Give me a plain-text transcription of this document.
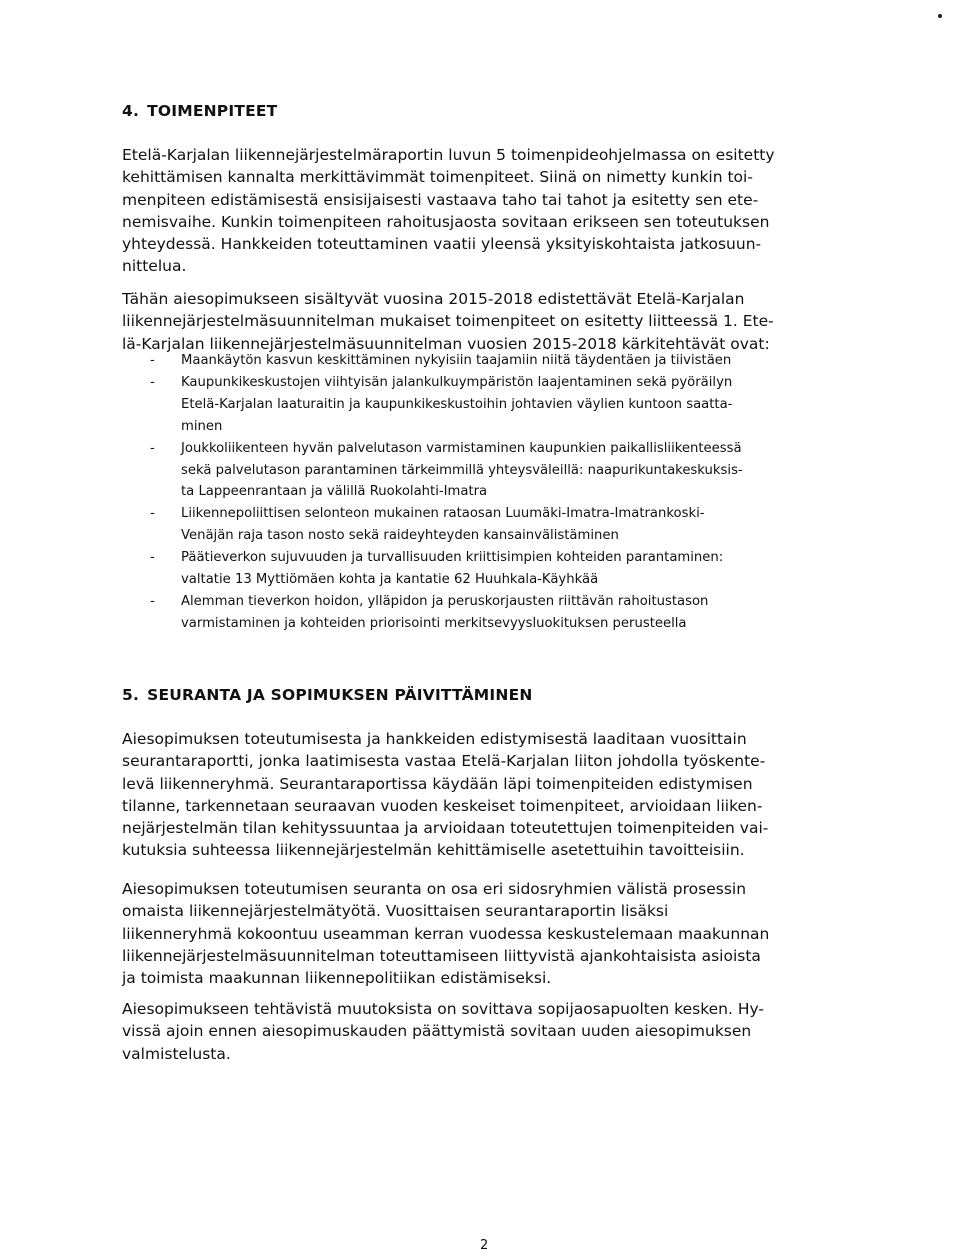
4. TOIMENPITEET
Etelä-Karjalan liikennejärjestelmäraportin luvun 5 toimenpideohjelmassa on esitetty
kehittämisen kannalta merkittävimmät toimenpiteet. Siinä on nimetty kunkin toi-
menpiteen edistämisestä ensisijaisesti vastaava taho tai tahot ja esitetty sen ete-
nemisvaihe. Kunkin toimenpiteen rahoitusjaosta sovitaan erikseen sen toteutuksen
yhteydessä. Hankkeiden toteuttaminen vaatii yleensä yksityiskohtaista jatkosuun-
nittelua.
Tähän aiesopimukseen sisältyvät vuosina 2015-2018 edistettävät Etelä-Karjalan
liikennejärjestelmäsuunnitelman mukaiset toimenpiteet on esitetty liitteessä 1. Ete-
lä-Karjalan liikennejärjestelmäsuunnitelman vuosien 2015-2018 kärkitehtävät ovat:
- Maankäytön kasvun keskittäminen nykyisiin taajamiin niitä täydentäen ja tiivistäen
- Kaupunkikeskustojen viihtyisän jalankulkuympäristön laajentaminen sekä pyöräilyn
Etelä-Karjalan laaturaitin ja kaupunkikeskustoihin johtavien väylien kuntoon saatta-
minen
- Joukkoliikenteen hyvän palvelutason varmistaminen kaupunkien paikallisliikenteessä
sekä palvelutason parantaminen tärkeimmillä yhteysväleillä: naapurikuntakeskuksis-
ta Lappeenrantaan ja välillä Ruokolahti-Imatra
- Liikennepoliittisen selonteon mukainen rataosan Luumäki-Imatra-Imatrankoski-
Venäjän raja tason nosto sekä raideyhteyden kansainvälistäminen
- Päätieverkon sujuvuuden ja turvallisuuden kriittisimpien kohteiden parantaminen:
valtatie 13 Myttiömäen kohta ja kantatie 62 Huuhkala-Käyhkää
- Alemman tieverkon hoidon, ylläpidon ja peruskorjausten riittävän rahoitustason
varmistaminen ja kohteiden priorisointi merkitsevyysluokituksen perusteella
5. SEURANTA JA SOPIMUKSEN PÄIVITTÄMINEN
Aiesopimuksen toteutumisesta ja hankkeiden edistymisestä laaditaan vuosittain
seurantaraportti, jonka laatimisesta vastaa Etelä-Karjalan liiton johdolla työskente-
levä liikenneryhmä. Seurantaraportissa käydään läpi toimenpiteiden edistymisen
tilanne, tarkennetaan seuraavan vuoden keskeiset toimenpiteet, arvioidaan liiken-
nejärjestelmän tilan kehityssuuntaa ja arvioidaan toteutettujen toimenpiteiden vai-
kutuksia suhteessa liikennejärjestelmän kehittämiselle asetettuihin tavoitteisiin.
Aiesopimuksen toteutumisen seuranta on osa eri sidosryhmien välistä prosessin
omaista liikennejärjestelmätyötä. Vuosittaisen seurantaraportin lisäksi
liikenneryhmä kokoontuu useamman kerran vuodessa keskustelemaan maakunnan
liikennejärjestelmäsuunnitelman toteuttamiseen liittyvistä ajankohtaisista asioista
ja toimista maakunnan liikennepolitiikan edistämiseksi.
Aiesopimukseen tehtävistä muutoksista on sovittava sopijaosapuolten kesken. Hy-
vissä ajoin ennen aiesopimuskauden päättymistä sovitaan uuden aiesopimuksen
valmistelusta.
2
